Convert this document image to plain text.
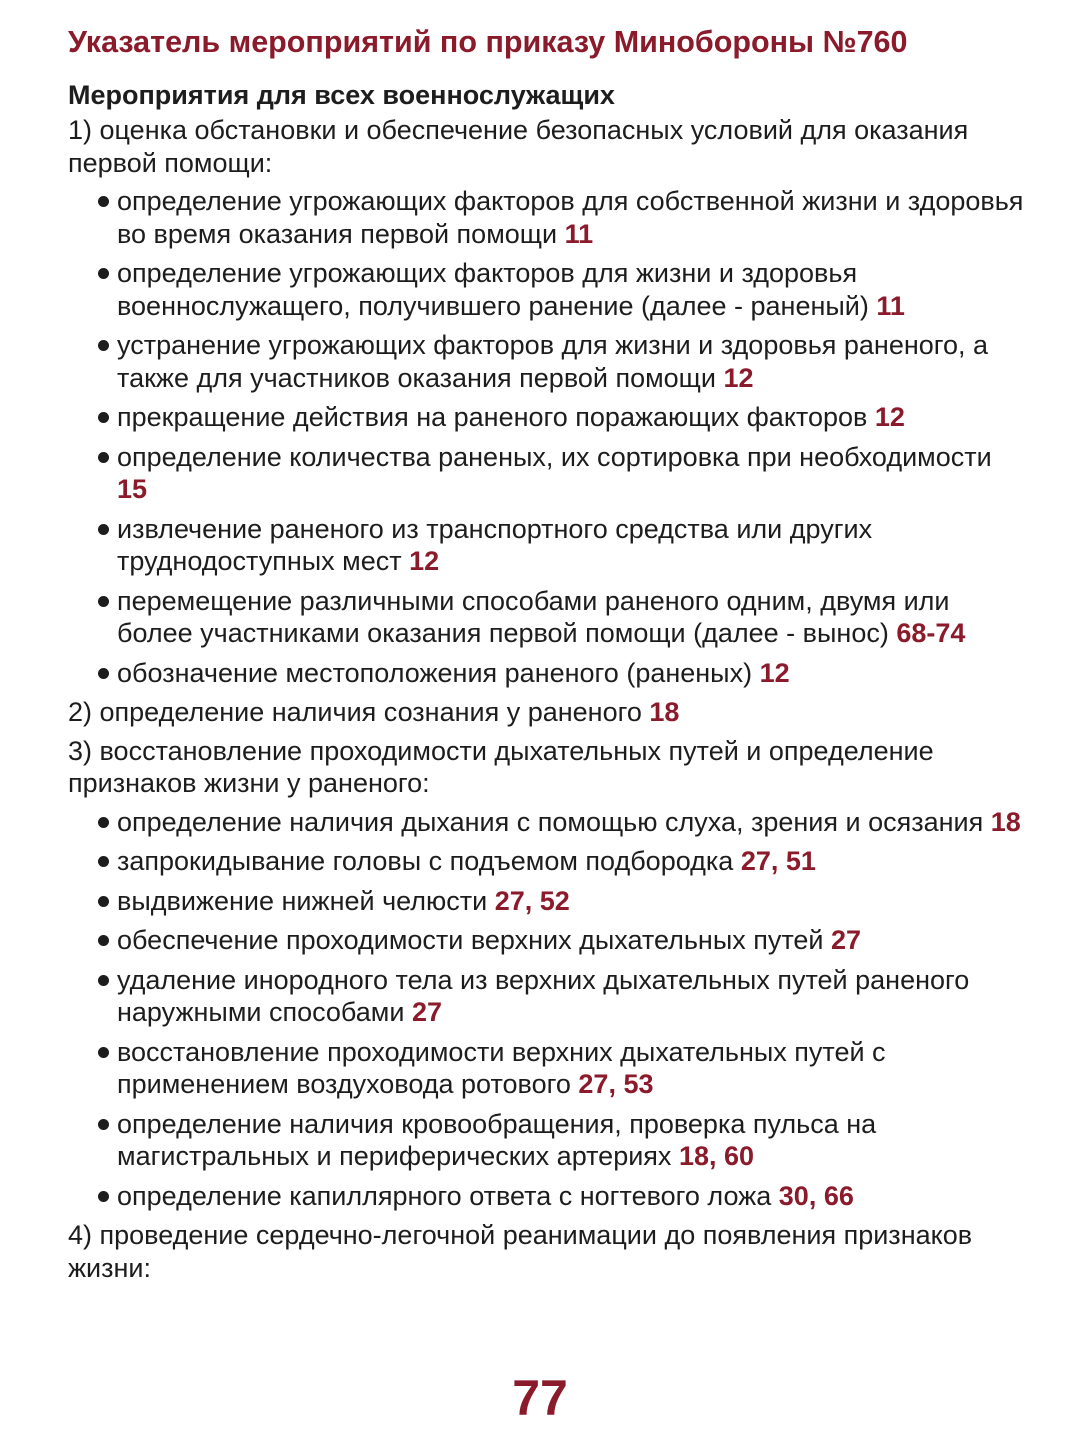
Указатель мероприятий по приказу Минобороны №760
Мероприятия для всех военнослужащих
1) оценка обстановки и обеспечение безопасных условий для оказания первой помощи:
определение угрожающих факторов для собственной жизни и здоровья во время оказания первой помощи 11
определение угрожающих факторов для жизни и здоровья военнослужащего, получившего ранение (далее - раненый) 11
устранение угрожающих факторов для жизни и здоровья раненого, а также для участников оказания первой помощи 12
прекращение действия на раненого поражающих факторов 12
определение количества раненых, их сортировка при необходимости 15
извлечение раненого из транспортного средства или других труднодоступных мест 12
перемещение различными способами раненого одним, двумя или более участниками оказания первой помощи (далее - вынос) 68-74
обозначение местоположения раненого (раненых) 12
2) определение наличия сознания у раненого 18
3) восстановление проходимости дыхательных путей и определение признаков жизни у раненого:
определение наличия дыхания с помощью слуха, зрения и осязания 18
запрокидывание головы с подъемом подбородка 27, 51
выдвижение нижней челюсти 27, 52
обеспечение проходимости верхних дыхательных путей 27
удаление инородного тела из верхних дыхательных путей раненого наружными способами 27
восстановление проходимости верхних дыхательных путей с применением воздуховода ротового 27, 53
определение наличия кровообращения, проверка пульса на магистральных и периферических артериях 18, 60
определение капиллярного ответа с ногтевого ложа 30, 66
4) проведение сердечно-легочной реанимации до появления признаков жизни:
77
